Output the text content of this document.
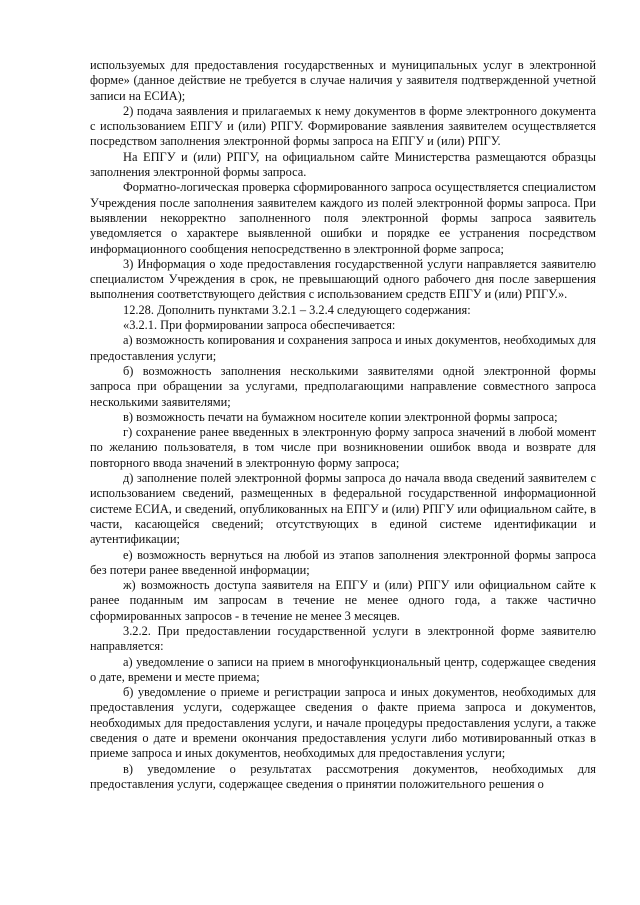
используемых для предоставления государственных и муниципальных услуг в электронной форме» (данное действие не требуется в случае наличия у заявителя подтвержденной учетной записи на ЕСИА);

2) подача заявления и прилагаемых к нему документов в форме электронного документа с использованием ЕПГУ и (или) РПГУ. Формирование заявления заявителем осуществляется посредством заполнения электронной формы запроса на ЕПГУ и (или) РПГУ.

На ЕПГУ и (или) РПГУ, на официальном сайте Министерства размещаются образцы заполнения электронной формы запроса.

Форматно-логическая проверка сформированного запроса осуществляется специалистом Учреждения после заполнения заявителем каждого из полей электронной формы запроса. При выявлении некорректно заполненного поля электронной формы запроса заявитель уведомляется о характере выявленной ошибки и порядке ее устранения посредством информационного сообщения непосредственно в электронной форме запроса;

3) Информация о ходе предоставления государственной услуги направляется заявителю специалистом Учреждения в срок, не превышающий одного рабочего дня после завершения выполнения соответствующего действия с использованием средств ЕПГУ и (или) РПГУ.».

12.28. Дополнить пунктами 3.2.1 – 3.2.4 следующего содержания:

«3.2.1. При формировании запроса обеспечивается:

а) возможность копирования и сохранения запроса и иных документов, необходимых для предоставления услуги;

б) возможность заполнения несколькими заявителями одной электронной формы запроса при обращении за услугами, предполагающими направление совместного запроса несколькими заявителями;

в) возможность печати на бумажном носителе копии электронной формы запроса;

г) сохранение ранее введенных в электронную форму запроса значений в любой момент по желанию пользователя, в том числе при возникновении ошибок ввода и возврате для повторного ввода значений в электронную форму запроса;

д) заполнение полей электронной формы запроса до начала ввода сведений заявителем с использованием сведений, размещенных в федеральной государственной информационной системе ЕСИА, и сведений, опубликованных на ЕПГУ и (или) РПГУ или официальном сайте, в части, касающейся сведений; отсутствующих в единой системе идентификации и аутентификации;

е) возможность вернуться на любой из этапов заполнения электронной формы запроса без потери ранее введенной информации;

ж) возможность доступа заявителя на ЕПГУ и (или) РПГУ или официальном сайте к ранее поданным им запросам в течение не менее одного года, а также частично сформированных запросов - в течение не менее 3 месяцев.

3.2.2. При предоставлении государственной услуги в электронной форме заявителю направляется:

а) уведомление о записи на прием в многофункциональный центр, содержащее сведения о дате, времени и месте приема;

б) уведомление о приеме и регистрации запроса и иных документов, необходимых для предоставления услуги, содержащее сведения о факте приема запроса и документов, необходимых для предоставления услуги, и начале процедуры предоставления услуги, а также сведения о дате и времени окончания предоставления услуги либо мотивированный отказ в приеме запроса и иных документов, необходимых для предоставления услуги;

в) уведомление о результатах рассмотрения документов, необходимых для предоставления услуги, содержащее сведения о принятии положительного решения о
